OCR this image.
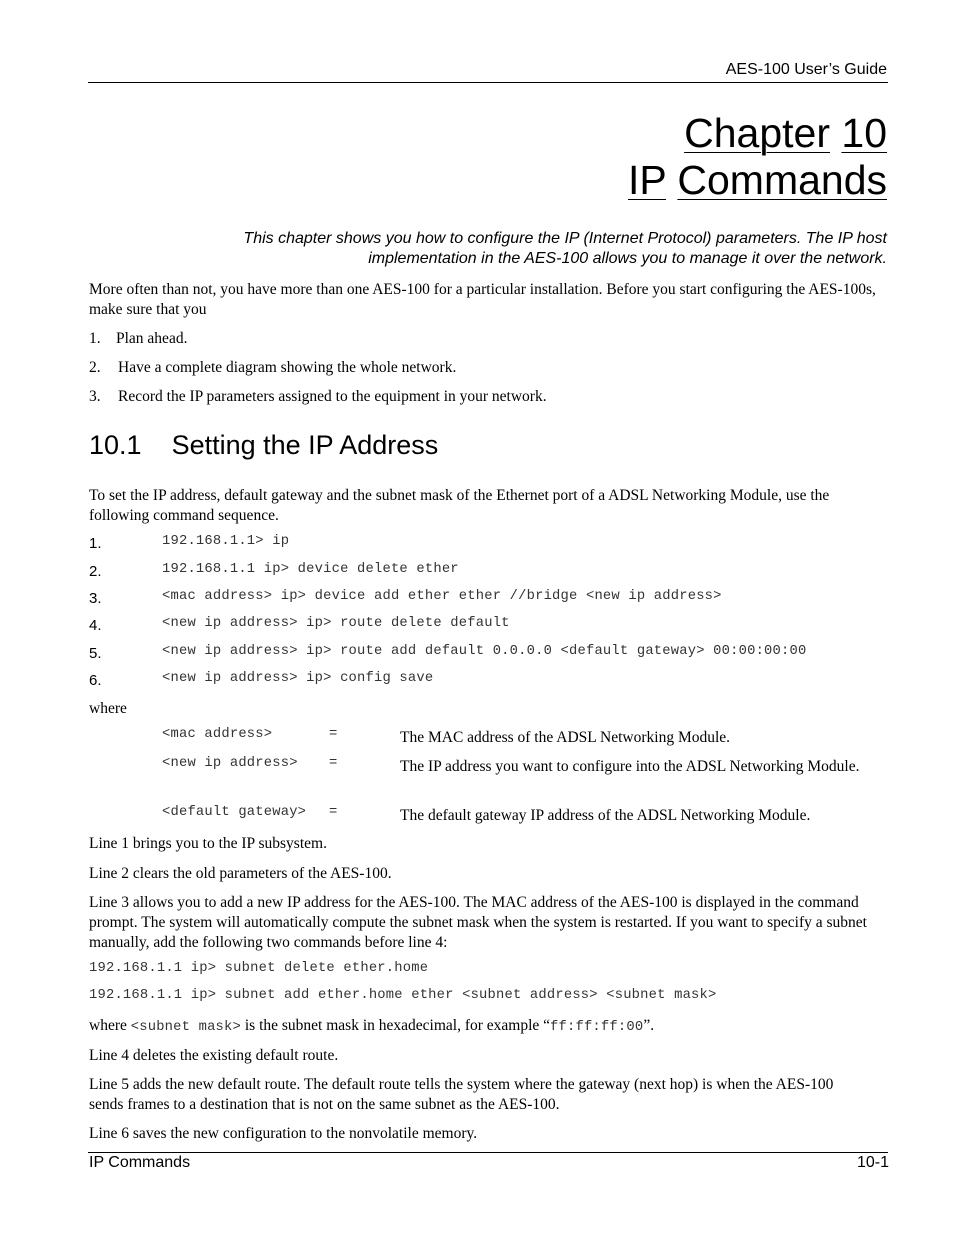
AES-100 User’s Guide
Chapter 10
IP Commands
This chapter shows you how to configure the IP (Internet Protocol) parameters. The IP host implementation in the AES-100 allows you to manage it over the network.
More often than not, you have more than one AES-100 for a particular installation. Before you start configuring the AES-100s, make sure that you
1. Plan ahead.
2. Have a complete diagram showing the whole network.
3. Record the IP parameters assigned to the equipment in your network.
10.1 Setting the IP Address
To set the IP address, default gateway and the subnet mask of the Ethernet port of a ADSL Networking Module, use the following command sequence.
1.	192.168.1.1> ip
2.	192.168.1.1 ip> device delete ether
3.	<mac address> ip> device add ether ether //bridge <new ip address>
4.	<new ip address> ip> route delete default
5.	<new ip address> ip> route add default 0.0.0.0 <default gateway> 00:00:00:00
6.	<new ip address> ip> config save
where
<mac address>	=	The MAC address of the ADSL Networking Module.
<new ip address> =	The IP address you want to configure into the ADSL Networking Module.
<default gateway> =	The default gateway IP address of the ADSL Networking Module.
Line 1 brings you to the IP subsystem.
Line 2 clears the old parameters of the AES-100.
Line 3 allows you to add a new IP address for the AES-100. The MAC address of the AES-100 is displayed in the command prompt. The system will automatically compute the subnet mask when the system is restarted. If you want to specify a subnet manually, add the following two commands before line 4:
192.168.1.1 ip> subnet delete ether.home
192.168.1.1 ip> subnet add ether.home ether <subnet address> <subnet mask>
where <subnet mask> is the subnet mask in hexadecimal, for example “ff:ff:ff:00”.
Line 4 deletes the existing default route.
Line 5 adds the new default route. The default route tells the system where the gateway (next hop) is when the AES-100 sends frames to a destination that is not on the same subnet as the AES-100.
Line 6 saves the new configuration to the nonvolatile memory.
IP Commands	10-1
